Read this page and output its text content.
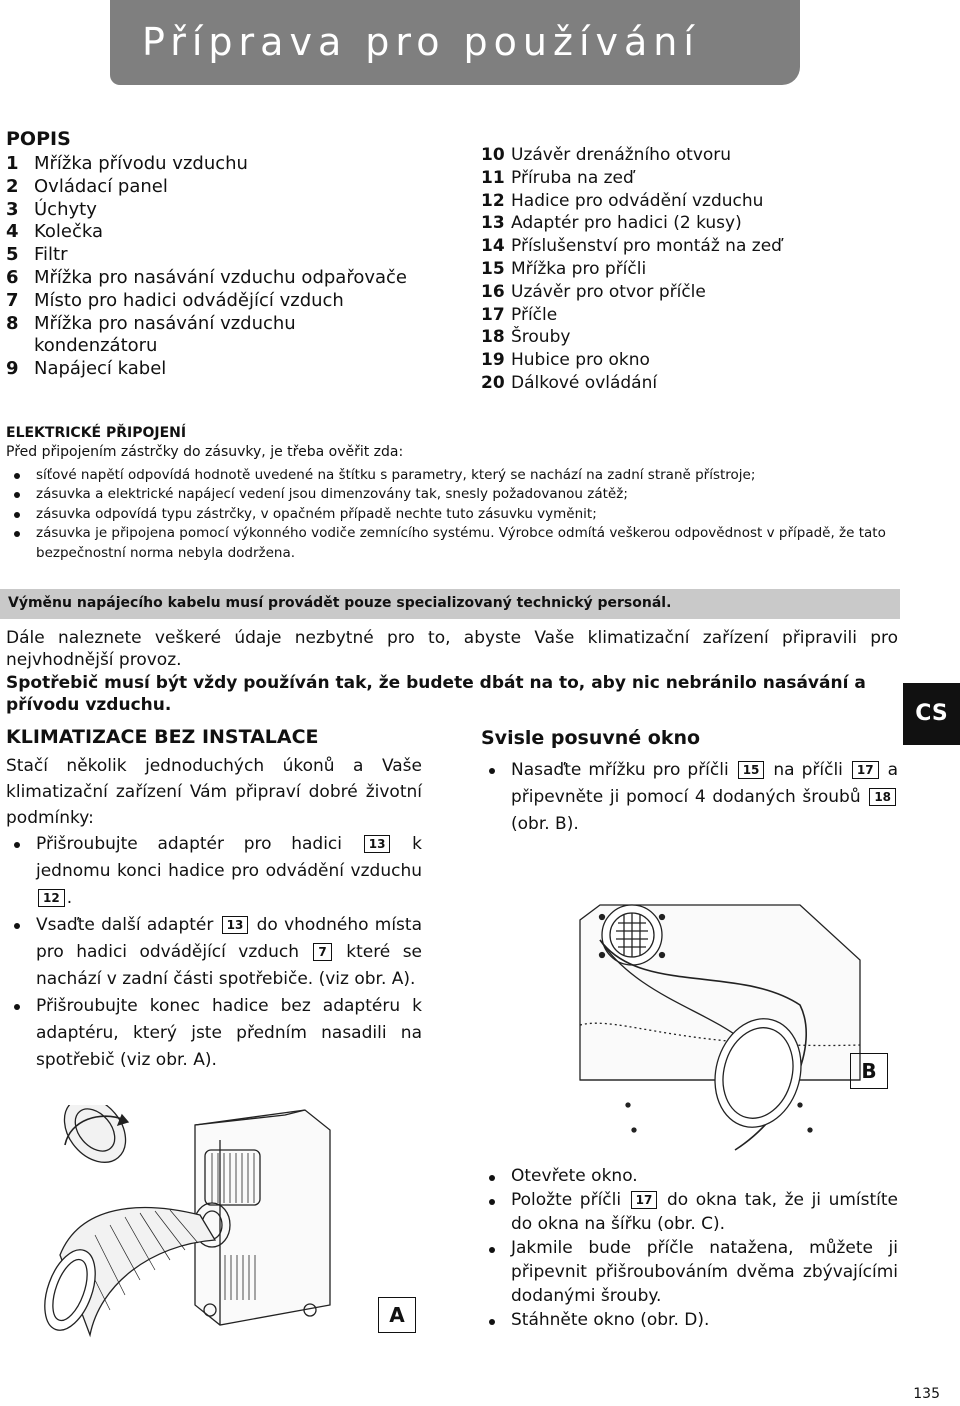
Příprava pro používání
POPIS
1 Mřížka přívodu vzduchu
2 Ovládací panel
3 Úchyty
4 Kolečka
5 Filtr
6 Mřížka pro nasávání vzduchu odpařovače
7 Místo pro hadici odvádějící vzduch
8 Mřížka pro nasávání vzduchu kondenzátoru
9 Napájecí kabel
10 Uzávěr drenážního otvoru
11 Příruba na zeď
12 Hadice pro odvádění vzduchu
13 Adaptér pro hadici (2 kusy)
14 Příslušenství pro montáž na zeď
15 Mřížka pro příčli
16 Uzávěr pro otvor příčle
17 Příčle
18 Šrouby
19 Hubice pro okno
20 Dálkové ovládání
ELEKTRICKÉ PŘIPOJENÍ
Před připojením zástrčky do zásuvky, je třeba ověřit zda:
síťové napětí odpovídá hodnotě uvedené na štítku s parametry, který se nachází na zadní straně přístroje;
zásuvka a elektrické napájecí vedení jsou dimenzovány tak, snesly požadovanou zátěž;
zásuvka odpovídá typu zástrčky, v opačném případě nechte tuto zásuvku vyměnit;
zásuvka je připojena pomocí výkonného vodiče zemnícího systému. Výrobce odmítá veškerou odpovědnost v případě, že tato bezpečnostní norma nebyla dodržena.
Výměnu napájecího kabelu musí provádět pouze specializovaný technický personál.
Dále naleznete veškeré údaje nezbytné pro to, abyste Vaše klimatizační zařízení připravili pro nejvhodnější provoz.
Spotřebič musí být vždy používán tak, že budete dbát na to, aby nic nebránilo nasávání a přívodu vzduchu.	CS
KLIMATIZACE BEZ INSTALACE
Stačí několik jednoduchých úkonů a Vaše klimatizační zařízení Vám připraví dobré životní podmínky:
Přišroubujte adaptér pro hadici 13 k jednomu konci hadice pro odvádění vzduchu 12 .
Vsaďte další adaptér 13 do vhodného místa pro hadici odvádějící vzduch 7 které se nachází v zadní části spotřebiče. (viz obr. A).
Přišroubujte konec hadice bez adaptéru k adaptéru, který jste předním nasadili na spotřebič (viz obr. A).
Svisle posuvné okno
Nasaďte mřížku pro příčli 15 na příčli 17 a připevněte ji pomocí 4 dodaných šroubů 18 (obr. B).
B
A
Otevřete okno.
Položte příčli 17 do okna tak, že ji umístíte do okna na šířku (obr. C).
Jakmile bude příčle natažena, můžete ji připevnit přišroubováním dvěma zbývajícími dodanými šrouby.
Stáhněte okno (obr. D).
135
